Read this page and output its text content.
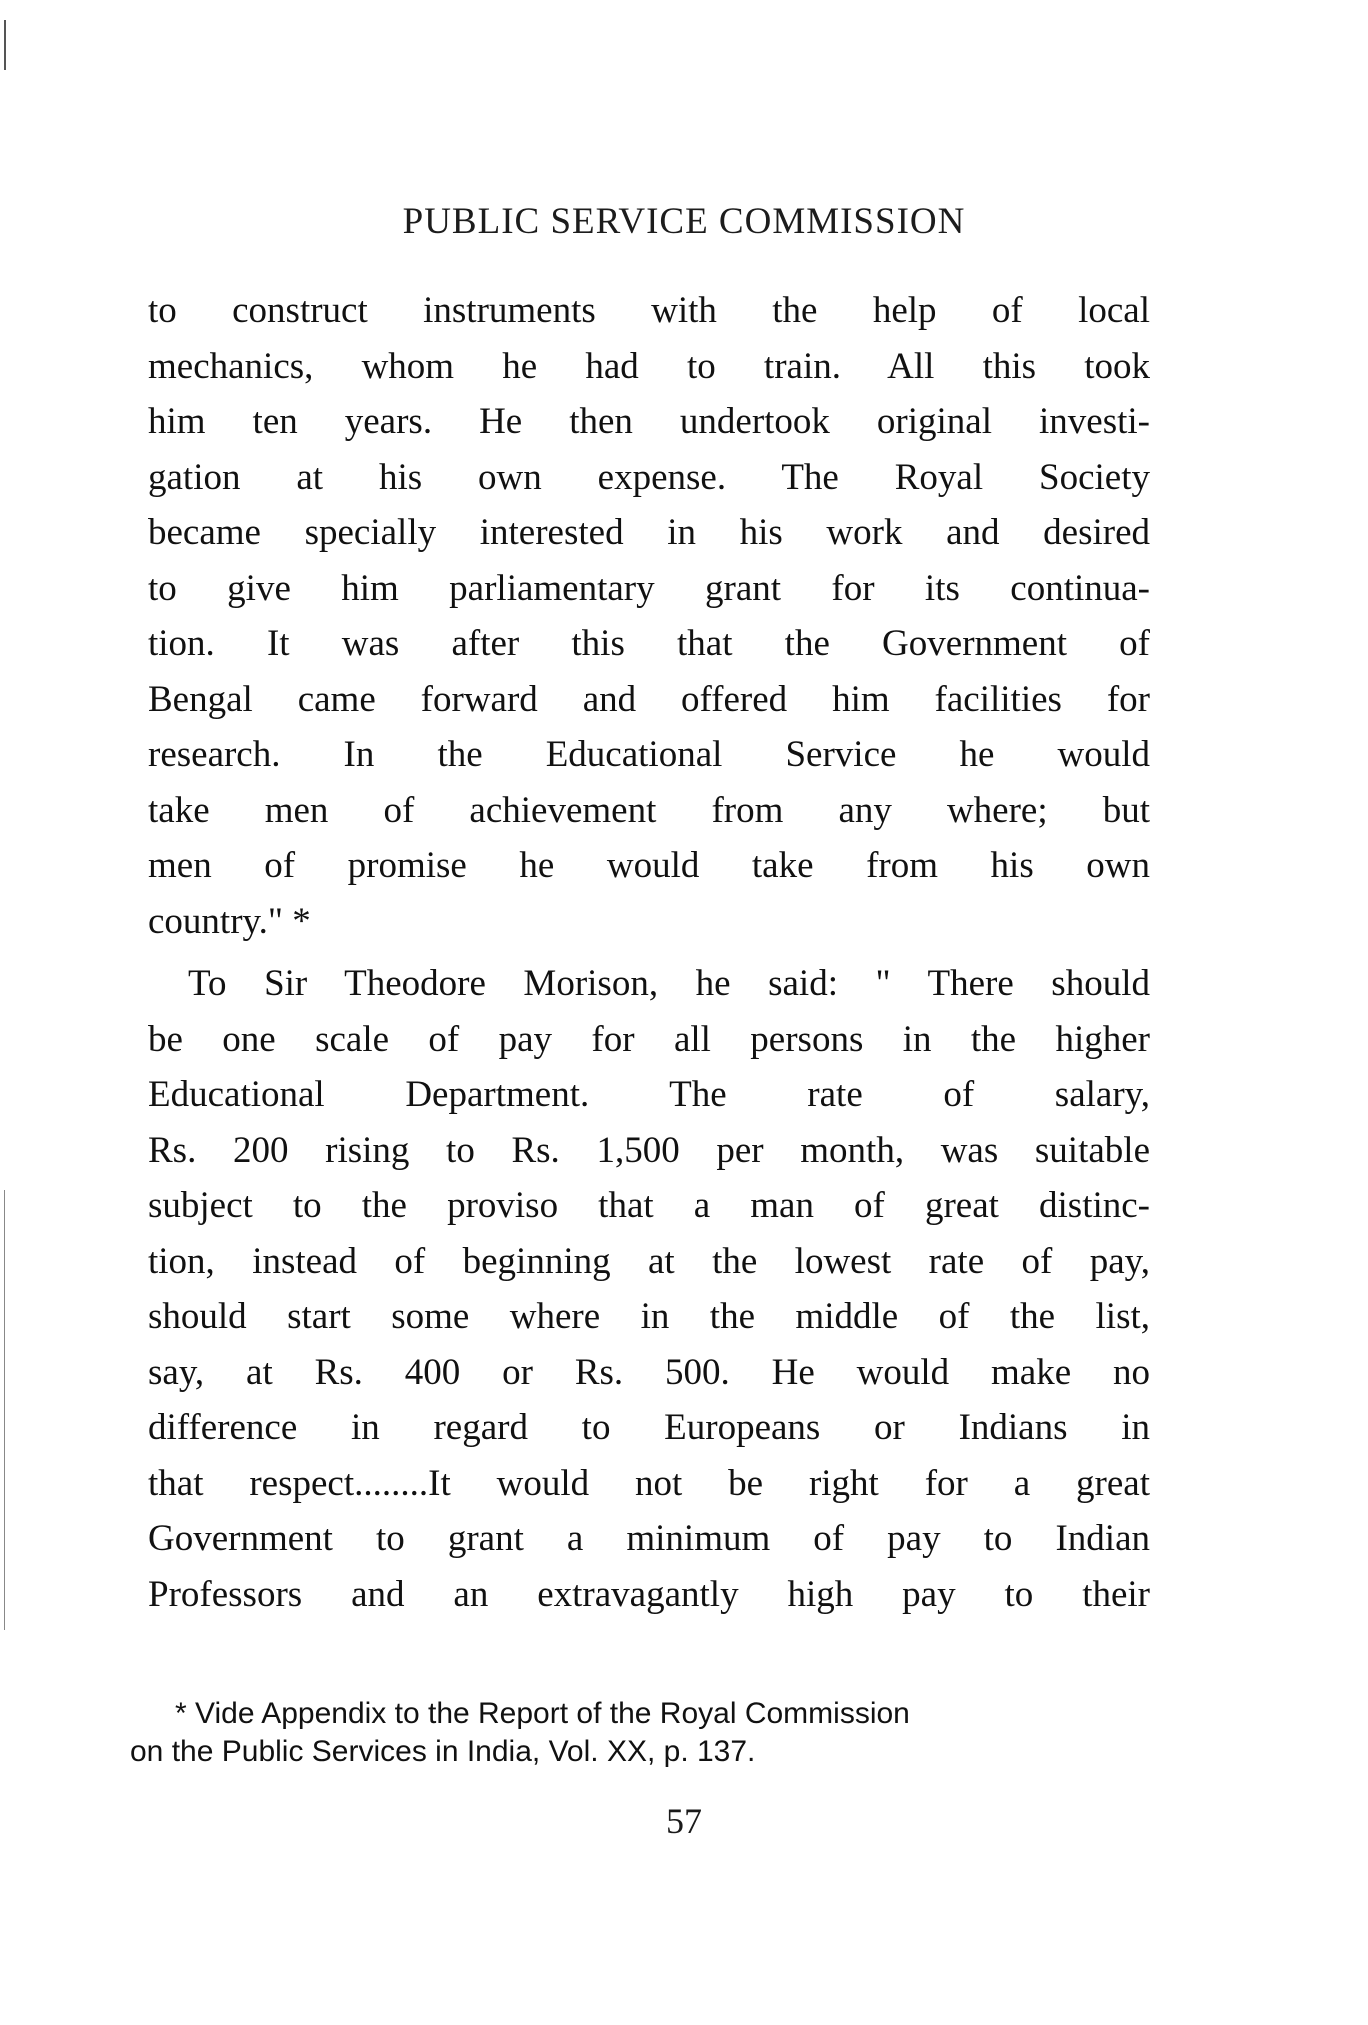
PUBLIC SERVICE COMMISSION
to construct instruments with the help of local
mechanics, whom he had to train. All this took
him ten years. He then undertook original investi-
gation at his own expense. The Royal Society
became specially interested in his work and desired
to give him parliamentary grant for its continua-
tion. It was after this that the Government of
Bengal came forward and offered him facilities for
research. In the Educational Service he would
take men of achievement from any where; but
men of promise he would take from his own
country." *
To Sir Theodore Morison, he said: " There should
be one scale of pay for all persons in the higher
Educational Department. The rate of salary,
Rs. 200 rising to Rs. 1,500 per month, was suitable
subject to the proviso that a man of great distinc-
tion, instead of beginning at the lowest rate of pay,
should start some where in the middle of the list,
say, at Rs. 400 or Rs. 500. He would make no
difference in regard to Europeans or Indians in
that respect........It would not be right for a great
Government to grant a minimum of pay to Indian
Professors and an extravagantly high pay to their
* Vide Appendix to the Report of the Royal Commission
on the Public Services in India, Vol. XX, p. 137.
57
